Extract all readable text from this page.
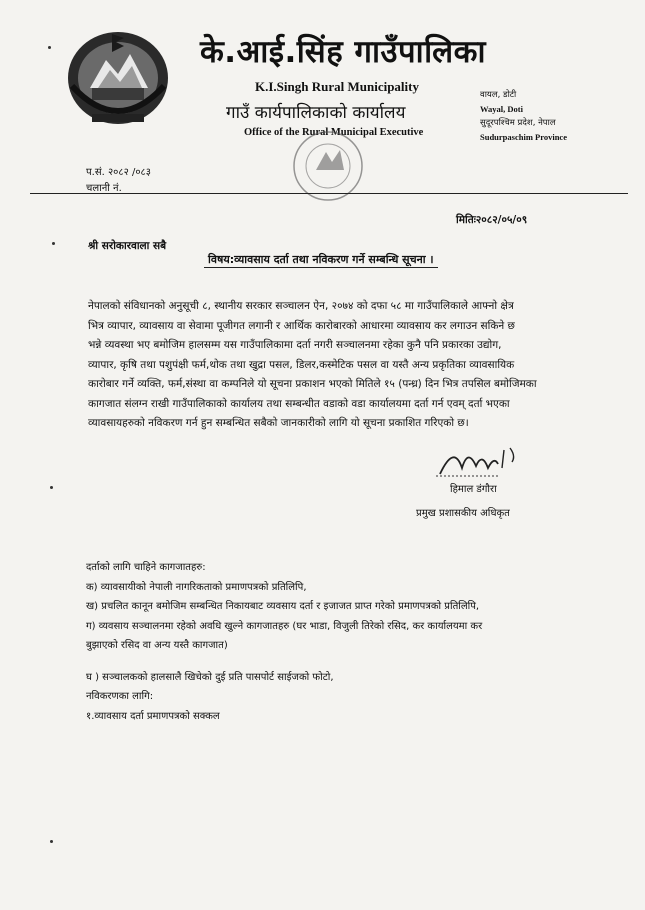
के.आई.सिंह गाउँपालिका
K.I.Singh Rural Municipality
गाउँ कार्यपालिकाको कार्यालय
Office of the Rural Municipal Executive
वायल, डोटी
Wayal, Doti
सुदूरपश्चिम प्रदेश, नेपाल
Sudurpaschim Province
प.सं. २०८२ /०८३
चलानी नं.
मितिः२०८२/०५/०९
श्री सरोकारवाला सबै
विषय:व्यावसाय दर्ता तथा नविकरण गर्ने सम्बन्धि सूचना ।
नेपालको संविधानको अनुसूची ८, स्थानीय सरकार सञ्चालन ऐन, २०७४ को दफा ५८ मा गाउँपालिकाले आफ्नो क्षेत्र
भित्र व्यापार, व्यावसाय वा सेवामा पूजीगत लगानी र आर्थिक कारोबारको आधारमा व्यावसाय कर लगाउन सकिने छ
भन्ने व्यवस्था भए बमोजिम हालसम्म यस गाउँपालिकामा दर्ता नगरी सञ्चालनमा रहेका कुनै पनि प्रकारका उद्योग,
व्यापार, कृषि तथा पशुपंक्षी फर्म,थोक तथा खुद्रा पसल, डिलर,कस्मेटिक पसल वा यस्तै अन्य प्रकृतिका व्यावसायिक
कारोबार गर्ने व्यक्ति, फर्म,संस्था वा कम्पनिले यो सूचना प्रकाशन भएको मितिले १५ (पन्ध्र) दिन भित्र तपसिल बमोजिमका
कागजात संलग्न राखी गाउँपालिकाको कार्यालय तथा सम्बन्धीत वडाको वडा कार्यालयमा दर्ता गर्न एवम् दर्ता भएका
व्यावसायहरुको नविकरण गर्न हुन सम्बन्धित सबैको जानकारीको लागि यो सूचना प्रकाशित गरिएको छ।
हिमाल डंगौरा
प्रमुख प्रशासकीय अधिकृत
दर्ताको लागि चाहिने कागजातहरु:
क) व्यावसायीको नेपाली नागरिकताको प्रमाणपत्रको प्रतिलिपि,
ख) प्रचलित कानून बमोजिम सम्बन्धित निकायबाट व्यवसाय दर्ता र इजाजत प्राप्त गरेको प्रमाणपत्रको प्रतिलिपि,
ग) व्यवसाय सञ्चालनमा रहेको अवधि खुल्ने कागजातहरु (घर भाडा, विजुली तिरेको रसिद, कर कार्यालयमा कर
बुझाएको रसिद वा अन्य यस्तै कागजात)
घ ) सञ्चालकको हालसालै खिचेको दुई प्रति पासपोर्ट साईजको फोटो,
नविकरणका लागि:
१.व्यावसाय दर्ता प्रमाणपत्रको सक्कल
